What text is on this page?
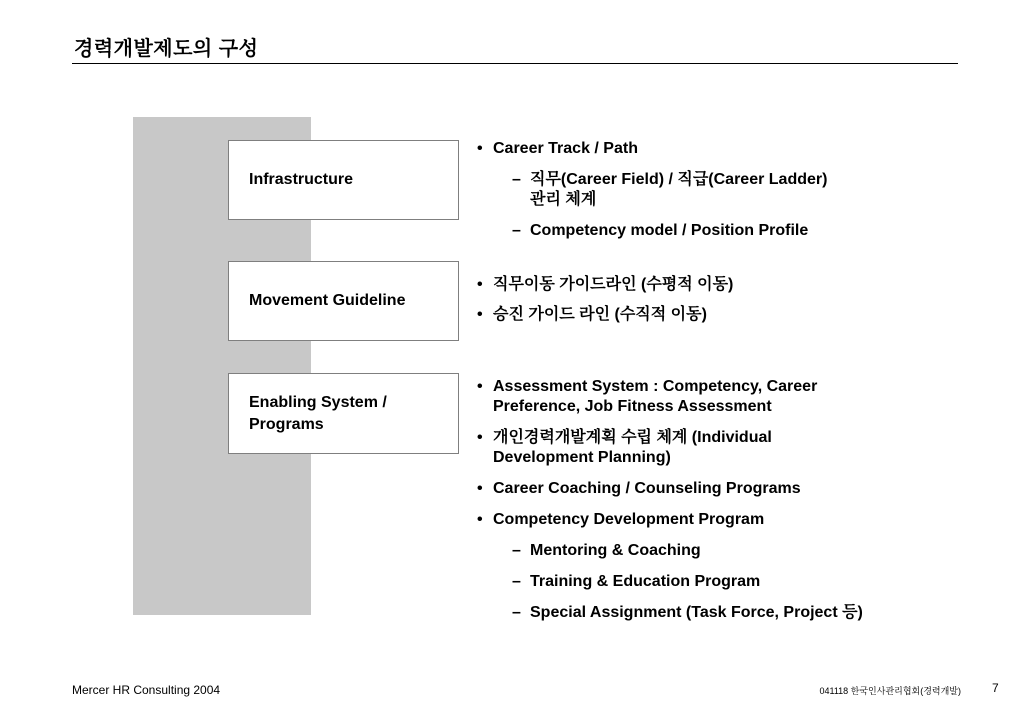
경력개발제도의 구성
Infrastructure
Movement Guideline
Enabling System /
Programs
• Career Track / Path
– 직무(Career Field) / 직급(Career Ladder)
관리 체계
– Competency model / Position Profile
• 직무이동 가이드라인 (수평적 이동)
• 승진 가이드 라인 (수직적 이동)
• Assessment System : Competency, Career
Preference, Job Fitness Assessment
• 개인경력개발계획 수립 체계 (Individual
Development Planning)
• Career Coaching / Counseling Programs
• Competency Development Program
– Mentoring & Coaching
– Training & Education Program
– Special Assignment (Task Force, Project 등)
Mercer HR Consulting 2004	041118 한국인사관리협회(경력개발)	7
